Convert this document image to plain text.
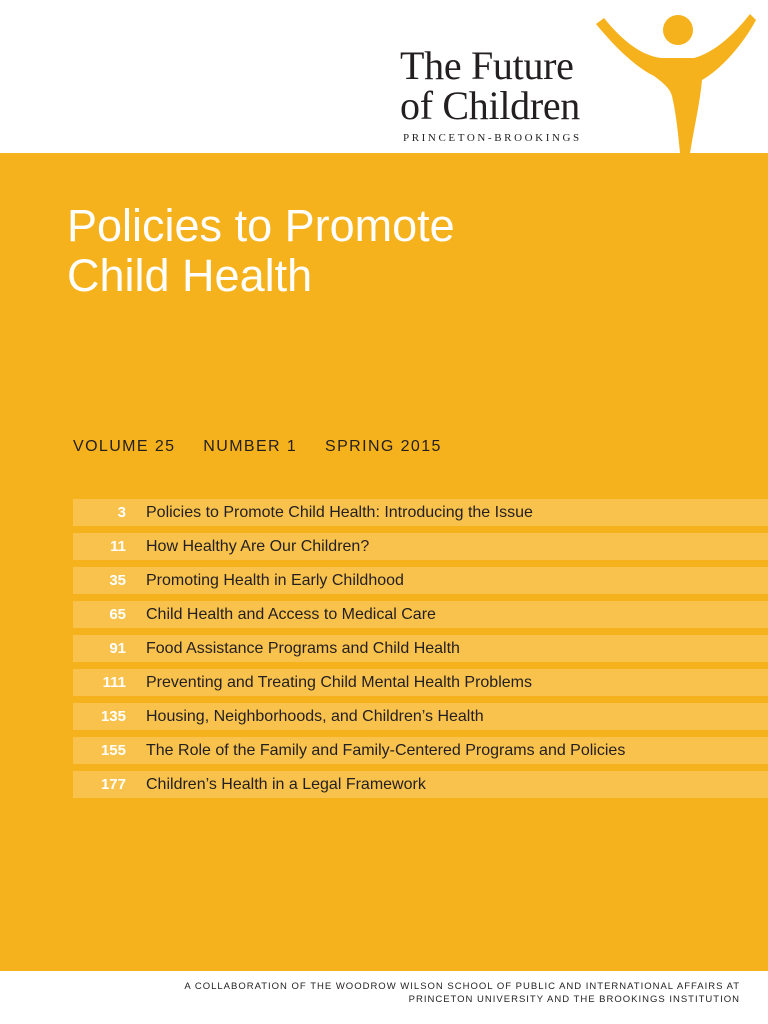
The Future
of Children
PRINCETON-BROOKINGS
Policies to Promote
Child Health
VOLUME 25 NUMBER 1 SPRING 2015
3 Policies to Promote Child Health: Introducing the Issue
11 How Healthy Are Our Children?
35 Promoting Health in Early Childhood
65 Child Health and Access to Medical Care
91 Food Assistance Programs and Child Health
111 Preventing and Treating Child Mental Health Problems
135 Housing, Neighborhoods, and Children’s Health
155 The Role of the Family and Family-Centered Programs and Policies
177 Children’s Health in a Legal Framework
A COLLABORATION OF THE WOODROW WILSON SCHOOL OF PUBLIC AND INTERNATIONAL AFFAIRS AT
PRINCETON UNIVERSITY AND THE BROOKINGS INSTITUTION
